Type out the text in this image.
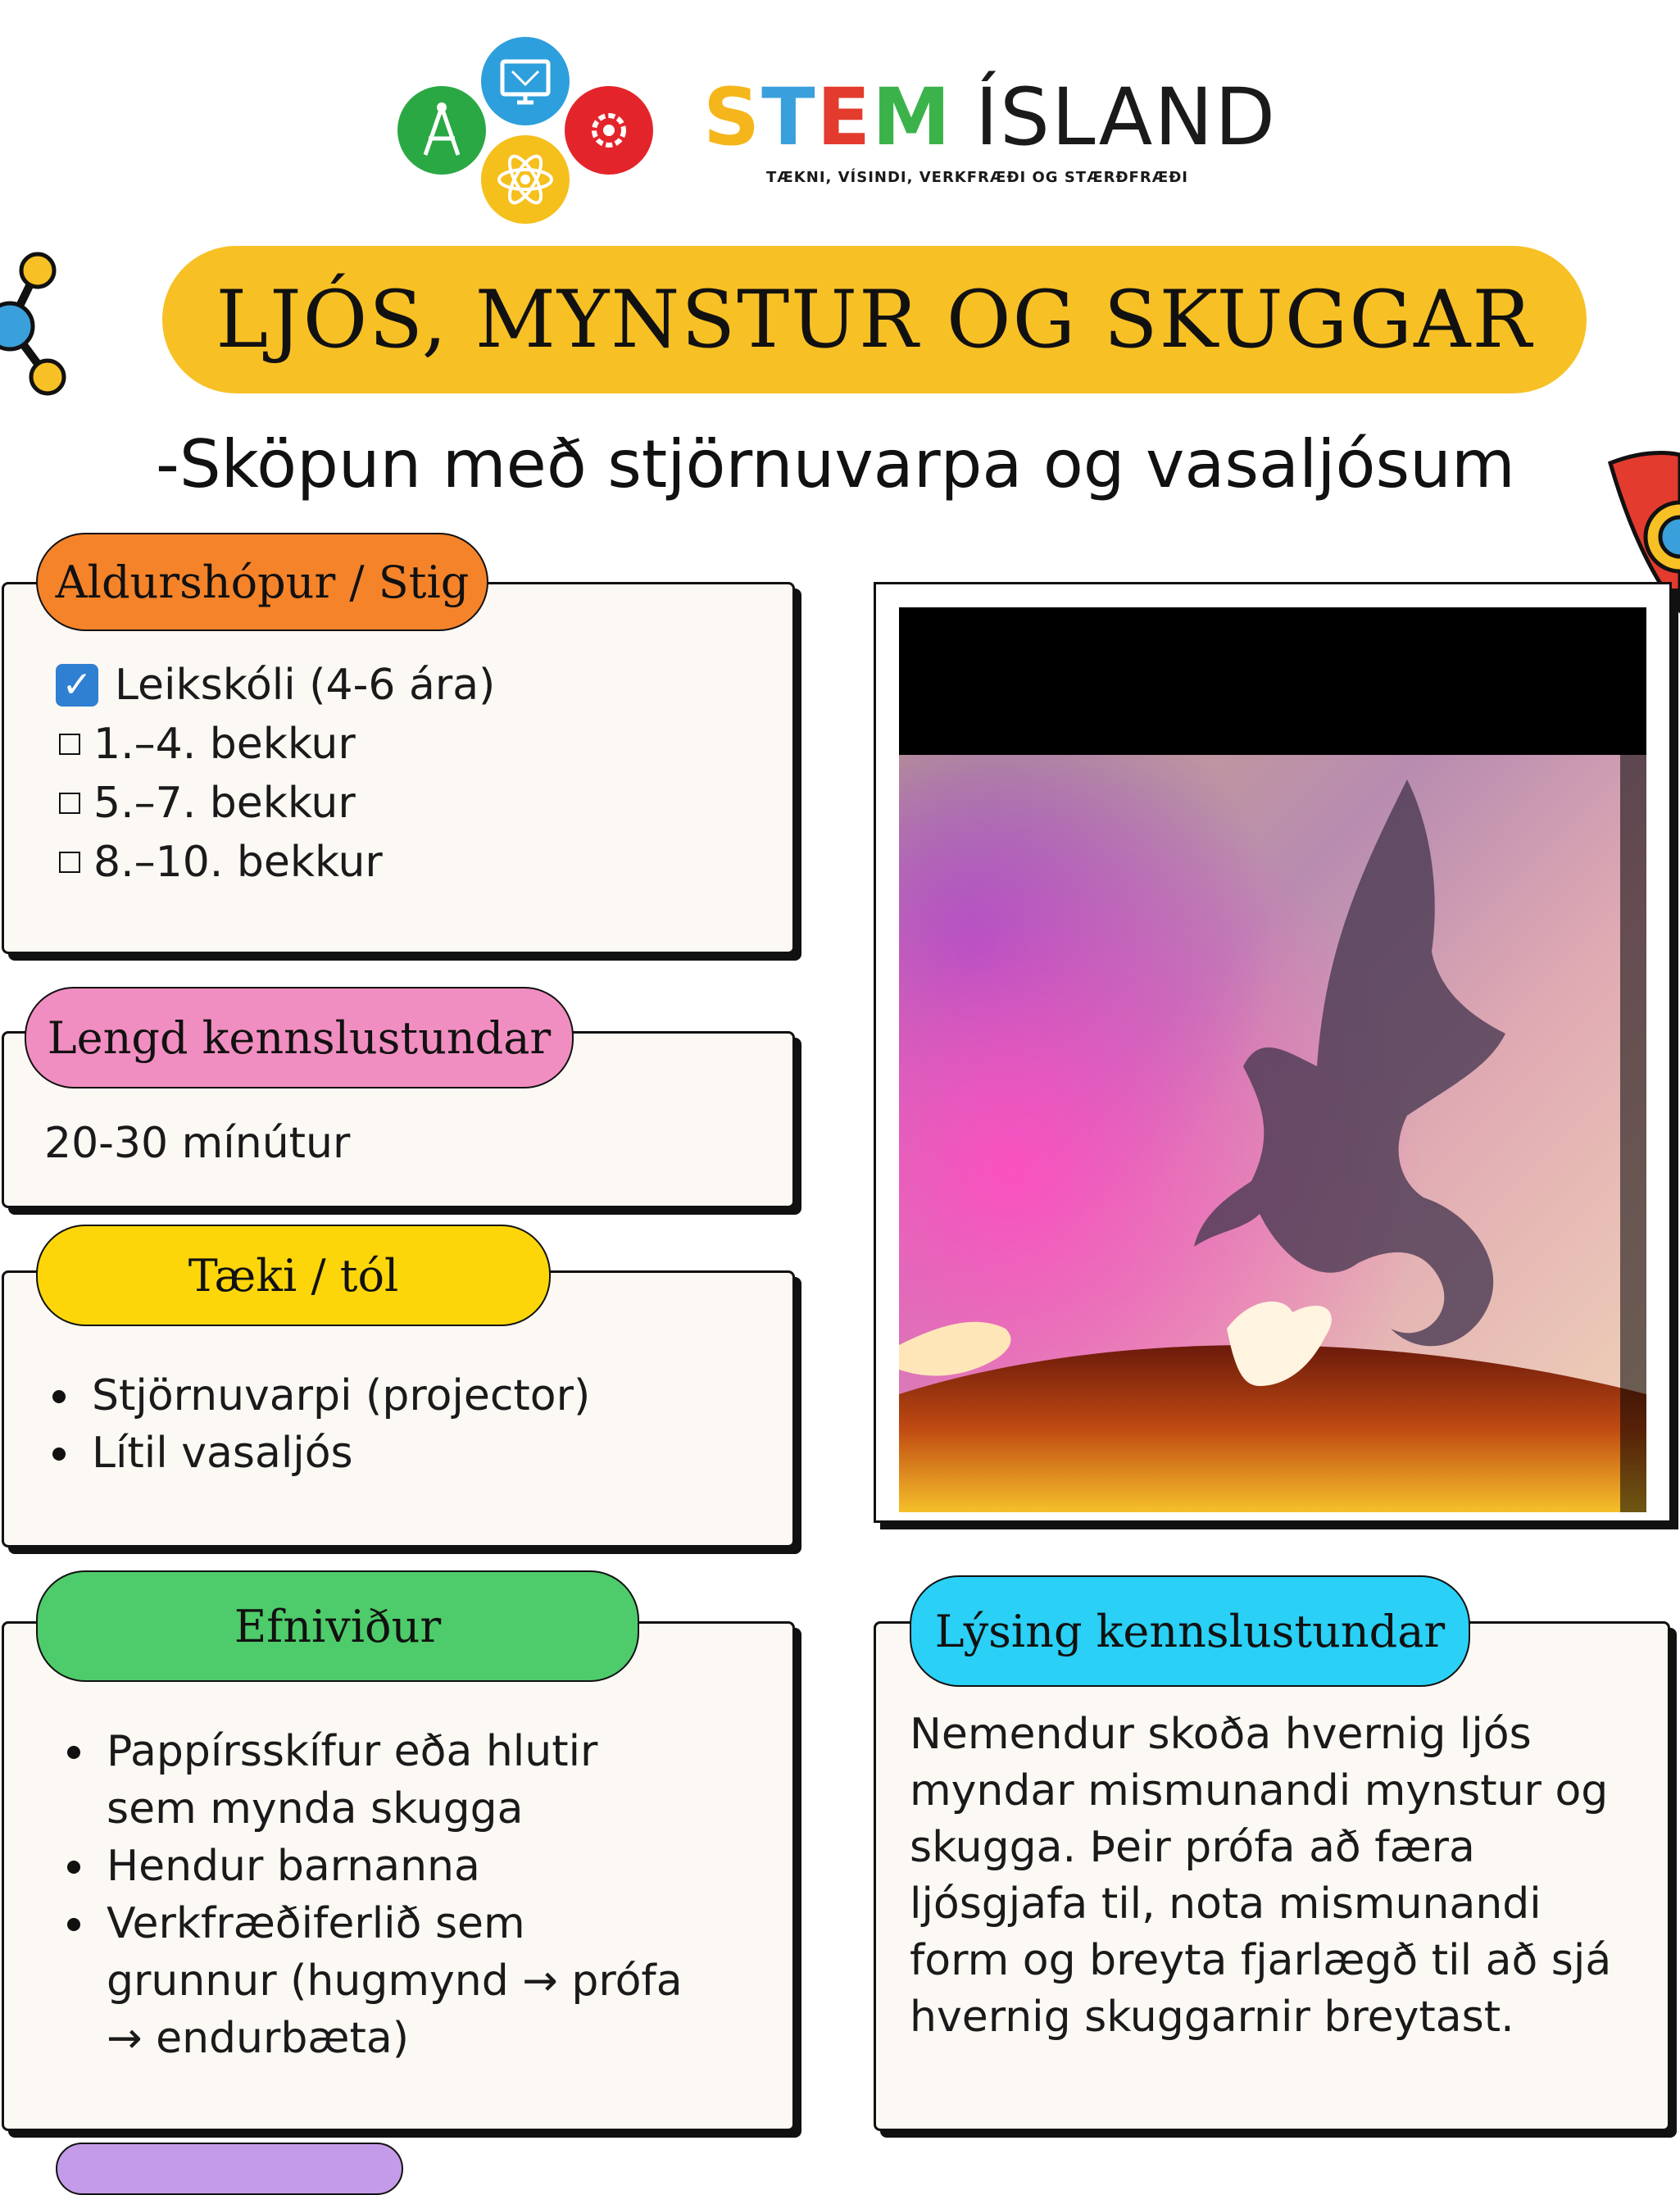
STEM ÍSLAND
TÆKNI, VÍSINDI, VERKFRÆÐI OG STÆRÐFRÆÐI
LJÓS, MYNSTUR OG SKUGGAR
-Sköpun með stjörnuvarpa og vasaljósum
Aldurshópur / Stig
✓ Leikskóli (4-6 ára)
1.–4. bekkur
5.–7. bekkur
8.–10. bekkur
Lengd kennslustundar
20-30 mínútur
Tæki / tól
Stjörnuvarpi (projector)
Lítil vasaljós
Efniviður
Pappírsskífur eða hlutir sem mynda skugga
Hendur barnanna
Verkfræðiferlið sem grunnur (hugmynd → prófa → endurbæta)
Lýsing kennslustundar
Nemendur skoða hvernig ljós myndar mismunandi mynstur og skugga. Þeir prófa að færa ljósgjafa til, nota mismunandi form og breyta fjarlægð til að sjá hvernig skuggarnir breytast.
